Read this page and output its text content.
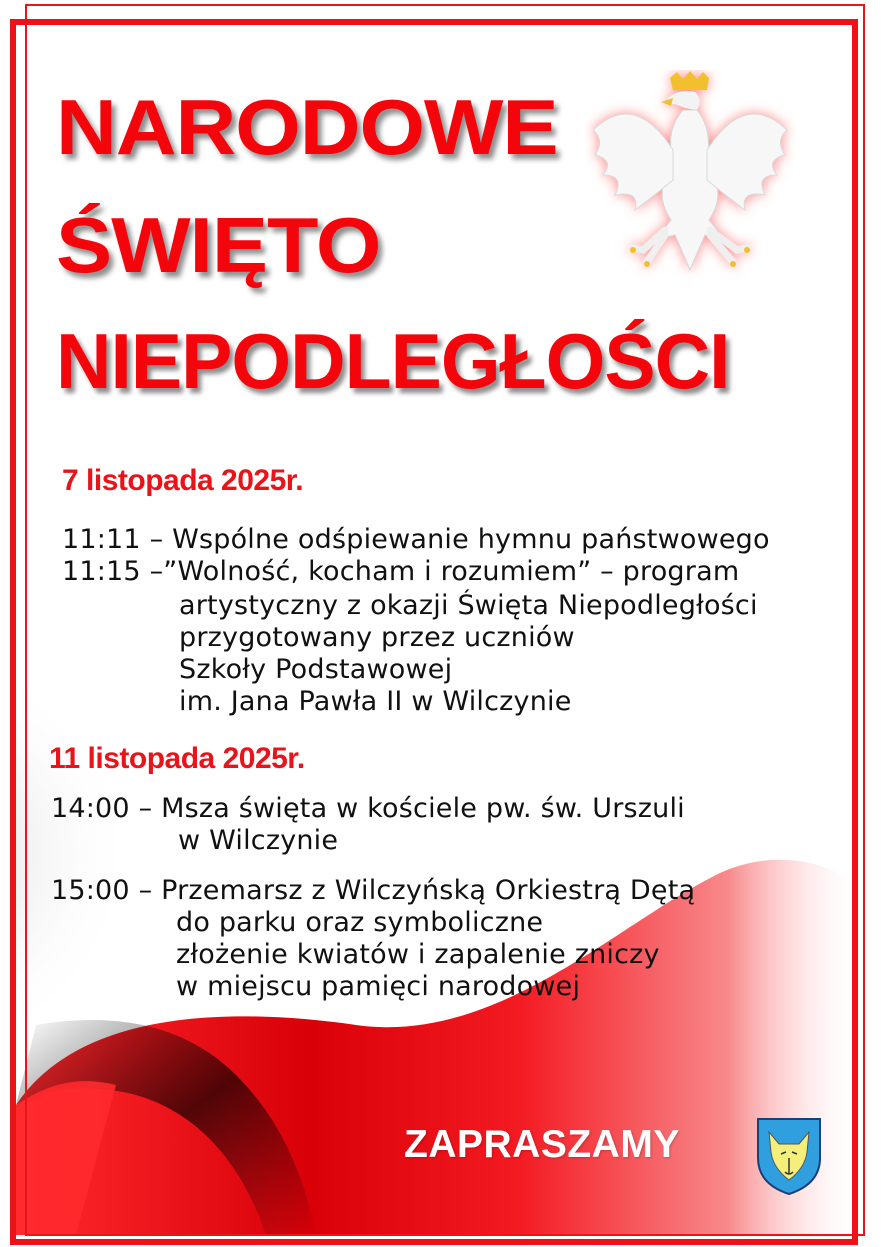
NARODOWE
ŚWIĘTO
NIEPODLEGŁOŚCI
7 listopada 2025r.
11:11 – Wspólne odśpiewanie hymnu państwowego
11:15 –”Wolność, kocham i rozumiem” – program
artystyczny z okazji Święta Niepodległości
przygotowany przez uczniów
Szkoły Podstawowej
im. Jana Pawła II w Wilczynie
11 listopada 2025r.
14:00 – Msza święta w kościele pw. św. Urszuli
w Wilczynie
15:00 – Przemarsz z Wilczyńską Orkiestrą Dętą
do parku oraz symboliczne
złożenie kwiatów i zapalenie zniczy
w miejscu pamięci narodowej
ZAPRASZAMY
